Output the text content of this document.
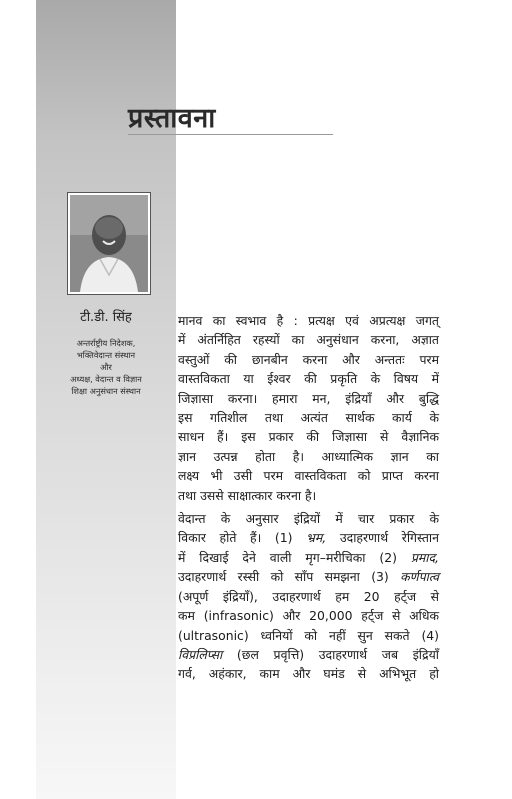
प्रस्तावना
टी.डी. सिंह
अन्तर्राष्ट्रीय निदेशक,
भक्तिवेदान्त संस्थान
और
अध्यक्ष, वेदान्त व विज्ञान
शिक्षा अनुसंधान संस्थान

मानव का स्वभाव है : प्रत्यक्ष एवं अप्रत्यक्ष जगत्
में अंतर्निहित रहस्यों का अनुसंधान करना, अज्ञात
वस्तुओं की छानबीन करना और अन्ततः परम
वास्तविकता या ईश्वर की प्रकृति के विषय में
जिज्ञासा करना। हमारा मन, इंद्रियाँ और बुद्धि
इस गतिशील तथा अत्यंत सार्थक कार्य के
साधन हैं। इस प्रकार की जिज्ञासा से वैज्ञानिक
ज्ञान उत्पन्न होता है। आध्यात्मिक ज्ञान का
लक्ष्य भी उसी परम वास्तविकता को प्राप्त करना
तथा उससे साक्षात्कार करना है।

वेदान्त के अनुसार इंद्रियों में चार प्रकार के
विकार होते हैं। (1) भ्रम, उदाहरणार्थ रेगिस्तान
में दिखाई देने वाली मृग–मरीचिका (2) प्रमाद,
उदाहरणार्थ रस्सी को साँप समझना (3) कर्णपात्व
(अपूर्ण इंद्रियाँ), उदाहरणार्थ हम 20 हर्ट्ज से
कम (infrasonic) और 20,000 हर्ट्ज से अधिक
(ultrasonic) ध्वनियों को नहीं सुन सकते (4)
विप्रलिप्सा (छल प्रवृत्ति) उदाहरणार्थ जब इंद्रियाँ
गर्व, अहंकार, काम और घमंड से अभिभूत हो
